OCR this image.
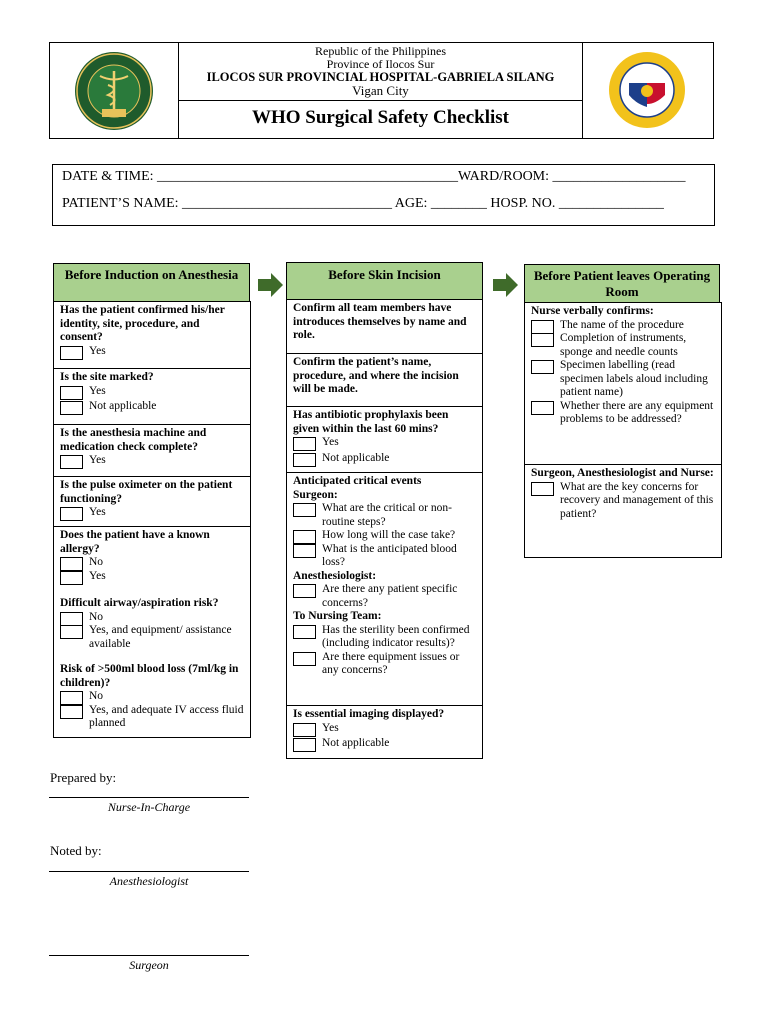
Republic of the Philippines
Province of Ilocos Sur
ILOCOS SUR PROVINCIAL HOSPITAL-GABRIELA SILANG
Vigan City
WHO Surgical Safety Checklist
DATE & TIME: ___________________________________________WARD/ROOM: ___________________
PATIENT’S NAME: ______________________________ AGE: ________ HOSP. NO. _______________
Before Induction on Anesthesia
Has the patient confirmed his/her identity, site, procedure, and consent?
Yes
Is the site marked?
Yes
Not applicable
Is the anesthesia machine and medication check complete?
Yes
Is the pulse oximeter on the patient functioning?
Yes
Does the patient have a known allergy?
No
Yes
Difficult airway/aspiration risk?
No
Yes, and equipment/ assistance available
Risk of >500ml blood loss (7ml/kg in children)?
No
Yes, and adequate IV access fluid planned
Before Skin Incision
Confirm all team members have introduces themselves by name and role.
Confirm the patient’s name, procedure, and where the incision will be made.
Has antibiotic prophylaxis been given within the last 60 mins?
Yes
Not applicable
Anticipated critical events
Surgeon:
What are the critical or non-routine steps?
How long will the case take?
What is the anticipated blood loss?
Anesthesiologist:
Are there any patient specific concerns?
To Nursing Team:
Has the sterility been confirmed (including indicator results)?
Are there equipment issues or any concerns?
Is essential imaging displayed?
Yes
Not applicable
Before Patient leaves Operating Room
Nurse verbally confirms:
The name of the procedure
Completion of instruments, sponge and needle counts
Specimen labelling (read specimen labels aloud including patient name)
Whether there are any equipment problems to be addressed?
Surgeon, Anesthesiologist and Nurse:
What are the key concerns for recovery and management of this patient?
Prepared by:
Nurse-In-Charge
Noted by:
Anesthesiologist
Surgeon
